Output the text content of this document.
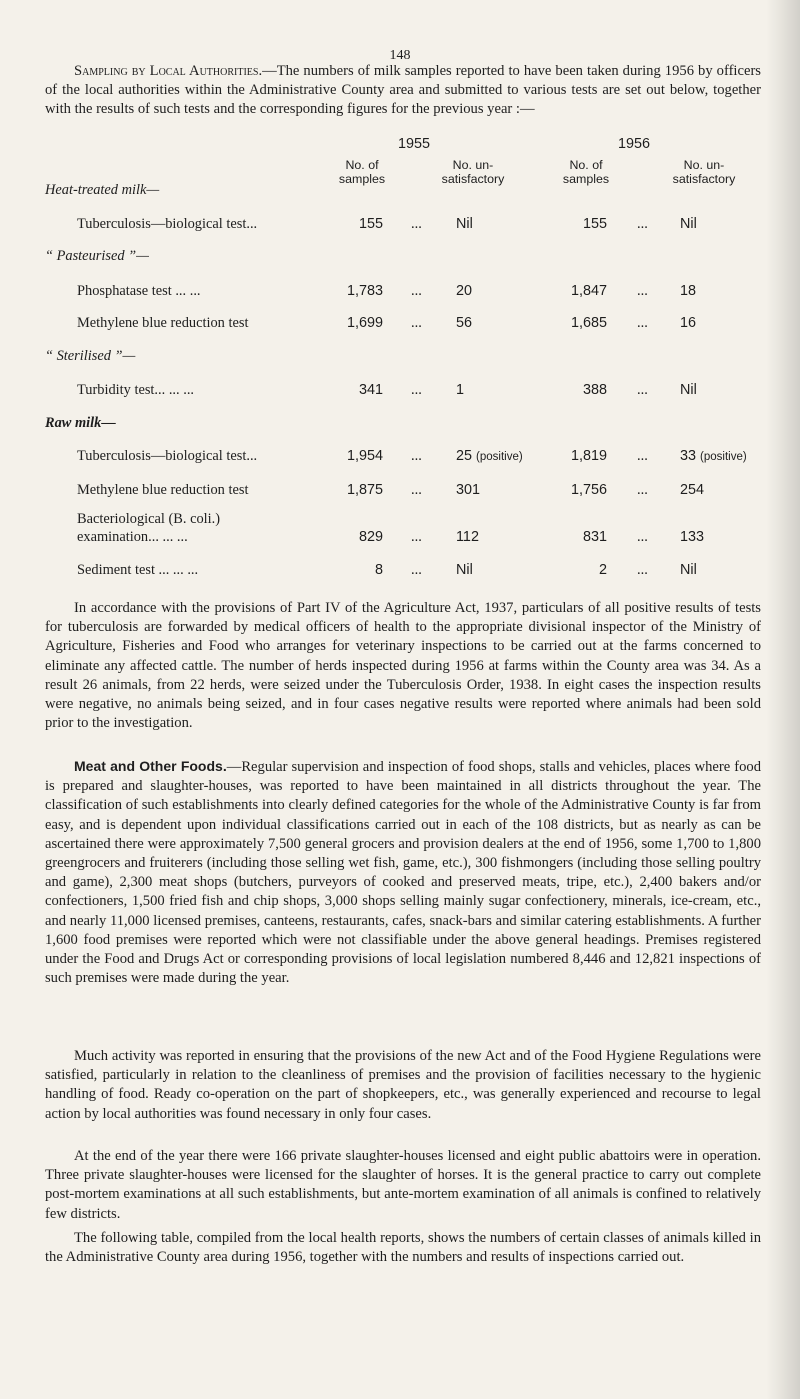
148

Sampling by Local Authorities.—The numbers of milk samples reported to have been taken during 1956 by officers of the local authorities within the Administrative County area and submitted to various tests are set out below, together with the results of such tests and the corresponding figures for the previous year :—

1955	1956
No. of samples
No. un- satisfactory
No. of samples
No. un- satisfactory
Heat-treated milk—
Tuberculosis—biological test...	155 ... Nil	155 ... Nil
“ Pasteurised ”—
Phosphatase test ... ...	1,783 ... 20	1,847 ... 18
Methylene blue reduction test	1,699 ... 56	1,685 ... 16
“ Sterilised ”—
Turbidity test... ... ...	341 ... 1	388 ... Nil
Raw milk—
Tuberculosis—biological test...	1,954 ... 25 (positive)	1,819 ... 33 (positive)
Methylene blue reduction test	1,875 ... 301	1,756 ... 254
Bacteriological (B. coli.)
examination... ... ...	829 ... 112	831 ... 133
Sediment test ... ... ...	8 ... Nil	2 ... Nil

In accordance with the provisions of Part IV of the Agriculture Act, 1937, particulars of all positive results of tests for tuberculosis are forwarded by medical officers of health to the appropriate divisional inspector of the Ministry of Agriculture, Fisheries and Food who arranges for veterinary inspections to be carried out at the farms concerned to eliminate any affected cattle. The number of herds inspected during 1956 at farms within the County area was 34. As a result 26 animals, from 22 herds, were seized under the Tuberculosis Order, 1938. In eight cases the inspection results were negative, no animals being seized, and in four cases negative results were reported where animals had been sold prior to the investigation.

Meat and Other Foods.—Regular supervision and inspection of food shops, stalls and vehicles, places where food is prepared and slaughter-houses, was reported to have been maintained in all districts throughout the year. The classification of such establishments into clearly defined categories for the whole of the Administrative County is far from easy, and is dependent upon individual classifications carried out in each of the 108 districts, but as nearly as can be ascertained there were approximately 7,500 general grocers and provision dealers at the end of 1956, some 1,700 to 1,800 greengrocers and fruiterers (including those selling wet fish, game, etc.), 300 fishmongers (including those selling poultry and game), 2,300 meat shops (butchers, purveyors of cooked and preserved meats, tripe, etc.), 2,400 bakers and/or confectioners, 1,500 fried fish and chip shops, 3,000 shops selling mainly sugar confectionery, minerals, ice-cream, etc., and nearly 11,000 licensed premises, canteens, restaurants, cafes, snack-bars and similar catering establishments. A further 1,600 food premises were reported which were not classifiable under the above general headings. Premises registered under the Food and Drugs Act or corresponding provisions of local legislation numbered 8,446 and 12,821 inspections of such premises were made during the year.

Much activity was reported in ensuring that the provisions of the new Act and of the Food Hygiene Regulations were satisfied, particularly in relation to the cleanliness of premises and the provision of facilities necessary to the hygienic handling of food. Ready co-operation on the part of shopkeepers, etc., was generally experienced and recourse to legal action by local authorities was found necessary in only four cases.

At the end of the year there were 166 private slaughter-houses licensed and eight public abattoirs were in operation. Three private slaughter-houses were licensed for the slaughter of horses. It is the general practice to carry out complete post-mortem examinations at all such establishments, but ante-mortem examination of all animals is confined to relatively few districts.

The following table, compiled from the local health reports, shows the numbers of certain classes of animals killed in the Administrative County area during 1956, together with the numbers and results of inspections carried out.
